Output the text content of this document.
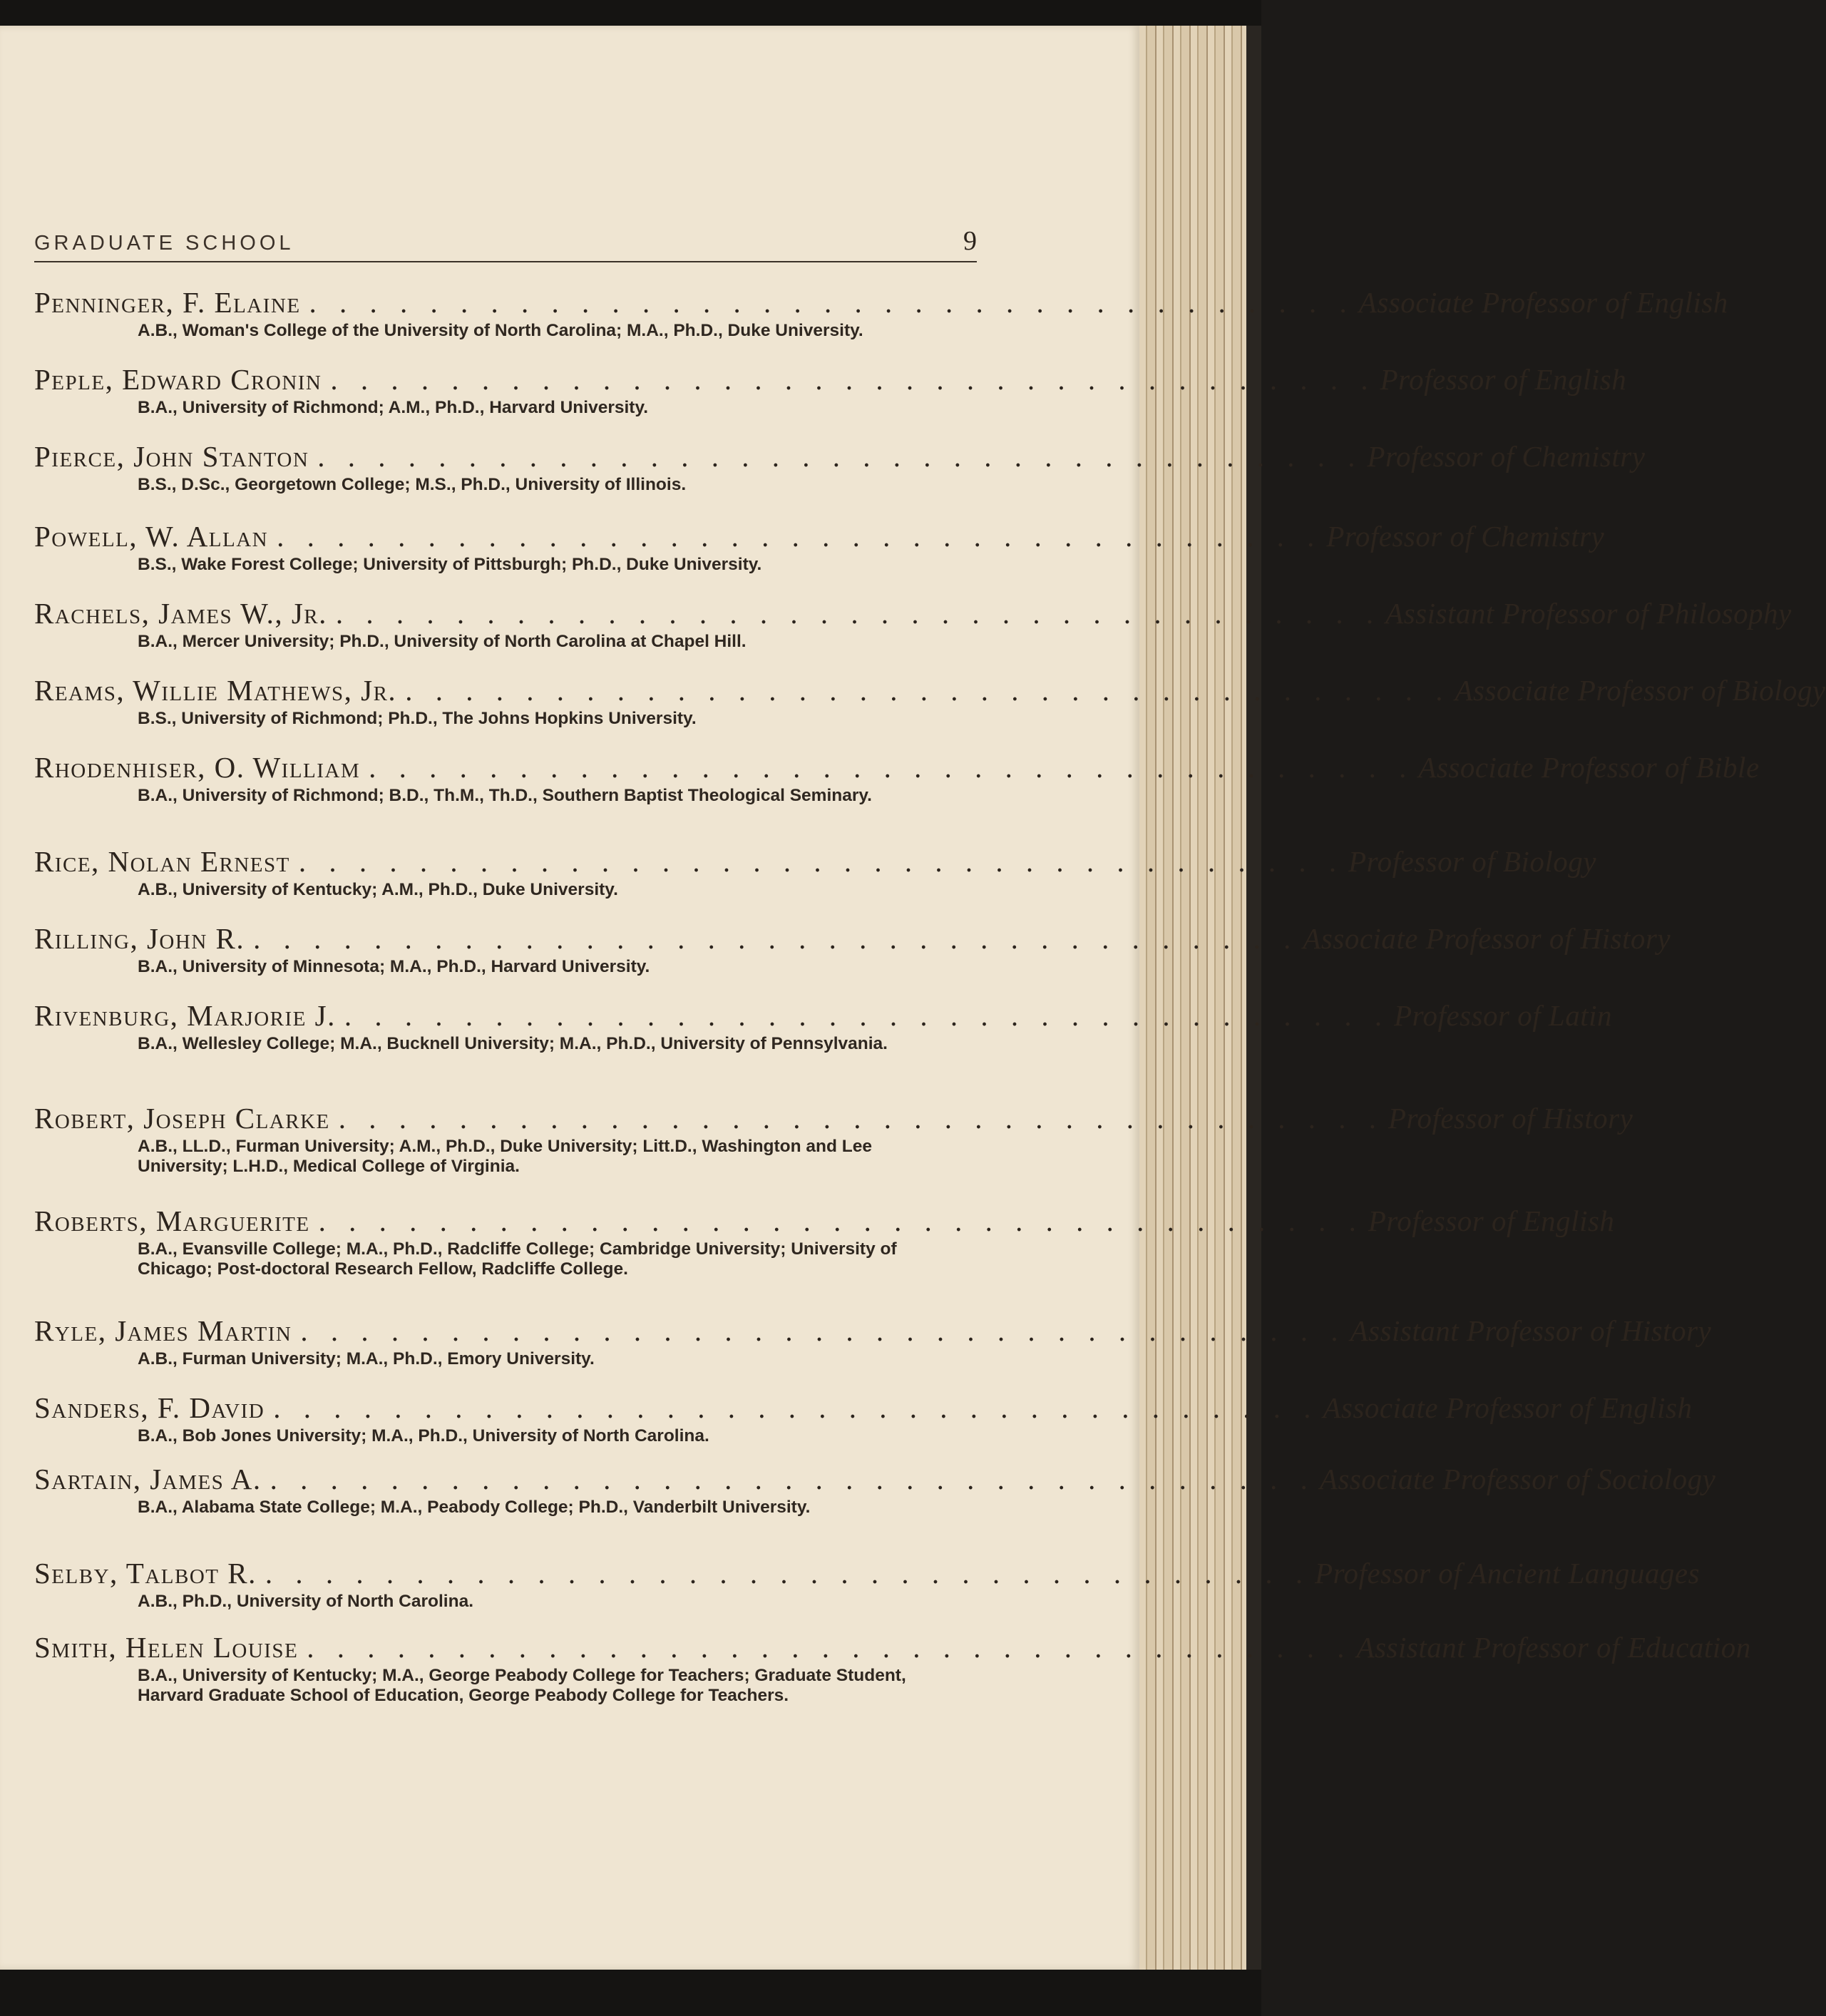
GRADUATE SCHOOL	9
Penninger, F. Elaine . . . . . . . . . . . . . . . . . . . . . . . . . . . . . . . . . . . Associate Professor of English
A.B., Woman's College of the University of North Carolina; M.A., Ph.D., Duke University.
Peple, Edward Cronin . . . . . . . . . . . . . . . . . . . . . . . . . . . . . . . . . . . Professor of English
B.A., University of Richmond; A.M., Ph.D., Harvard University.
Pierce, John Stanton . . . . . . . . . . . . . . . . . . . . . . . . . . . . . . . . . . . Professor of Chemistry
B.S., D.Sc., Georgetown College; M.S., Ph.D., University of Illinois.
Powell, W. Allan . . . . . . . . . . . . . . . . . . . . . . . . . . . . . . . . . . . Professor of Chemistry
B.S., Wake Forest College; University of Pittsburgh; Ph.D., Duke University.
Rachels, James W., Jr. . . . . . . . . . . . . . . . . . . . . . . . . . . . . . . . . . . . Assistant Professor of Philosophy
B.A., Mercer University; Ph.D., University of North Carolina at Chapel Hill.
Reams, Willie Mathews, Jr. . . . . . . . . . . . . . . . . . . . . . . . . . . . . . . . . . . . Associate Professor of Biology
B.S., University of Richmond; Ph.D., The Johns Hopkins University.
Rhodenhiser, O. William . . . . . . . . . . . . . . . . . . . . . . . . . . . . . . . . . . . Associate Professor of Bible
B.A., University of Richmond; B.D., Th.M., Th.D., Southern Baptist Theological Seminary.
Rice, Nolan Ernest . . . . . . . . . . . . . . . . . . . . . . . . . . . . . . . . . . . Professor of Biology
A.B., University of Kentucky; A.M., Ph.D., Duke University.
Rilling, John R. . . . . . . . . . . . . . . . . . . . . . . . . . . . . . . . . . . . Associate Professor of History
B.A., University of Minnesota; M.A., Ph.D., Harvard University.
Rivenburg, Marjorie J. . . . . . . . . . . . . . . . . . . . . . . . . . . . . . . . . . . . Professor of Latin
B.A., Wellesley College; M.A., Bucknell University; M.A., Ph.D., University of Pennsylvania.
Robert, Joseph Clarke . . . . . . . . . . . . . . . . . . . . . . . . . . . . . . . . . . . Professor of History
A.B., LL.D., Furman University; A.M., Ph.D., Duke University; Litt.D., Washington and Lee University; L.H.D., Medical College of Virginia.
Roberts, Marguerite . . . . . . . . . . . . . . . . . . . . . . . . . . . . . . . . . . . Professor of English
B.A., Evansville College; M.A., Ph.D., Radcliffe College; Cambridge University; University of Chicago; Post-doctoral Research Fellow, Radcliffe College.
Ryle, James Martin . . . . . . . . . . . . . . . . . . . . . . . . . . . . . . . . . . . Assistant Professor of History
A.B., Furman University; M.A., Ph.D., Emory University.
Sanders, F. David . . . . . . . . . . . . . . . . . . . . . . . . . . . . . . . . . . . Associate Professor of English
B.A., Bob Jones University; M.A., Ph.D., University of North Carolina.
Sartain, James A. . . . . . . . . . . . . . . . . . . . . . . . . . . . . . . . . . . . Associate Professor of Sociology
B.A., Alabama State College; M.A., Peabody College; Ph.D., Vanderbilt University.
Selby, Talbot R. . . . . . . . . . . . . . . . . . . . . . . . . . . . . . . . . . . . Professor of Ancient Languages
A.B., Ph.D., University of North Carolina.
Smith, Helen Louise . . . . . . . . . . . . . . . . . . . . . . . . . . . . . . . . . . . Assistant Professor of Education
B.A., University of Kentucky; M.A., George Peabody College for Teachers; Graduate Student, Harvard Graduate School of Education, George Peabody College for Teachers.
